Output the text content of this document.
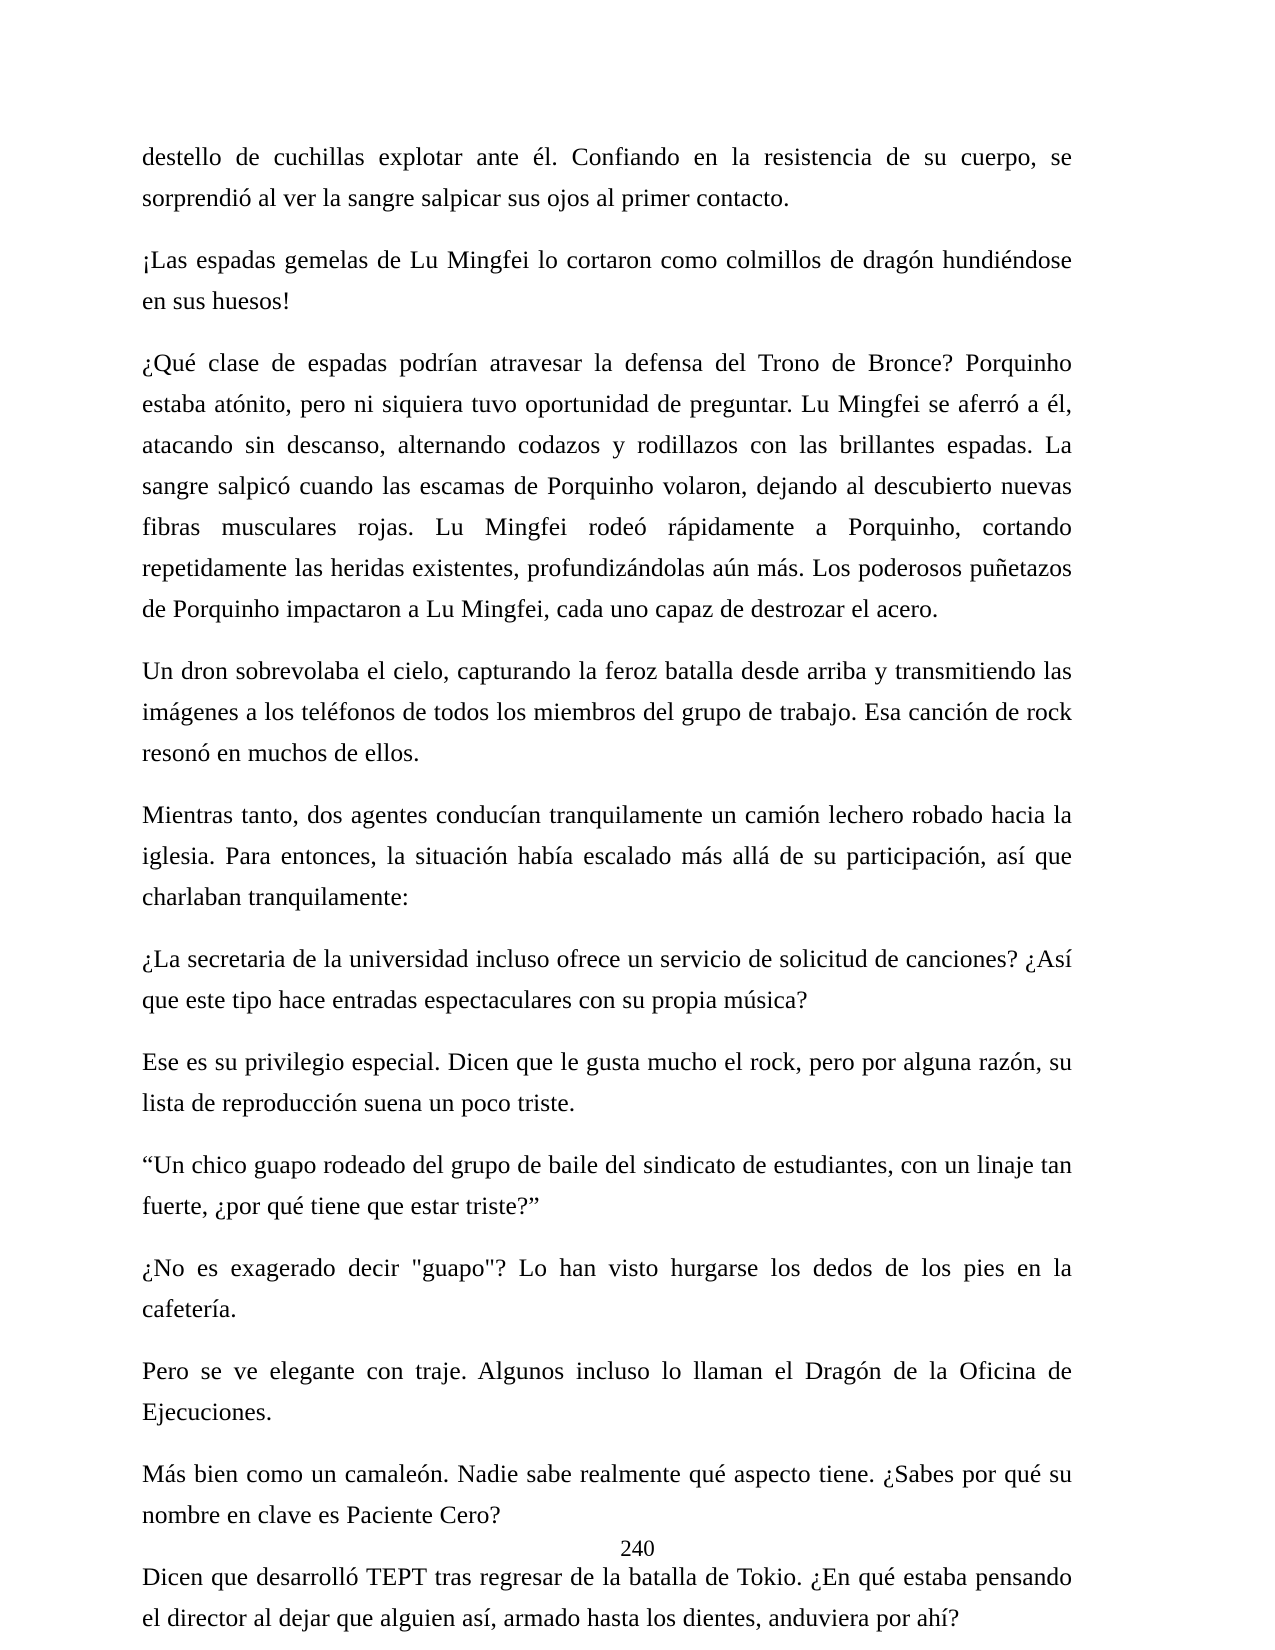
destello de cuchillas explotar ante él. Confiando en la resistencia de su cuerpo, se sorprendió al ver la sangre salpicar sus ojos al primer contacto.

¡Las espadas gemelas de Lu Mingfei lo cortaron como colmillos de dragón hundiéndose en sus huesos!

¿Qué clase de espadas podrían atravesar la defensa del Trono de Bronce? Porquinho estaba atónito, pero ni siquiera tuvo oportunidad de preguntar. Lu Mingfei se aferró a él, atacando sin descanso, alternando codazos y rodillazos con las brillantes espadas. La sangre salpicó cuando las escamas de Porquinho volaron, dejando al descubierto nuevas fibras musculares rojas. Lu Mingfei rodeó rápidamente a Porquinho, cortando repetidamente las heridas existentes, profundizándolas aún más. Los poderosos puñetazos de Porquinho impactaron a Lu Mingfei, cada uno capaz de destrozar el acero.

Un dron sobrevolaba el cielo, capturando la feroz batalla desde arriba y transmitiendo las imágenes a los teléfonos de todos los miembros del grupo de trabajo. Esa canción de rock resonó en muchos de ellos.

Mientras tanto, dos agentes conducían tranquilamente un camión lechero robado hacia la iglesia. Para entonces, la situación había escalado más allá de su participación, así que charlaban tranquilamente:

¿La secretaria de la universidad incluso ofrece un servicio de solicitud de canciones? ¿Así que este tipo hace entradas espectaculares con su propia música?

Ese es su privilegio especial. Dicen que le gusta mucho el rock, pero por alguna razón, su lista de reproducción suena un poco triste.

“Un chico guapo rodeado del grupo de baile del sindicato de estudiantes, con un linaje tan fuerte, ¿por qué tiene que estar triste?”

¿No es exagerado decir "guapo"? Lo han visto hurgarse los dedos de los pies en la cafetería.

Pero se ve elegante con traje. Algunos incluso lo llaman el Dragón de la Oficina de Ejecuciones.

Más bien como un camaleón. Nadie sabe realmente qué aspecto tiene. ¿Sabes por qué su nombre en clave es Paciente Cero?

Dicen que desarrolló TEPT tras regresar de la batalla de Tokio. ¿En qué estaba pensando el director al dejar que alguien así, armado hasta los dientes, anduviera por ahí?

240
